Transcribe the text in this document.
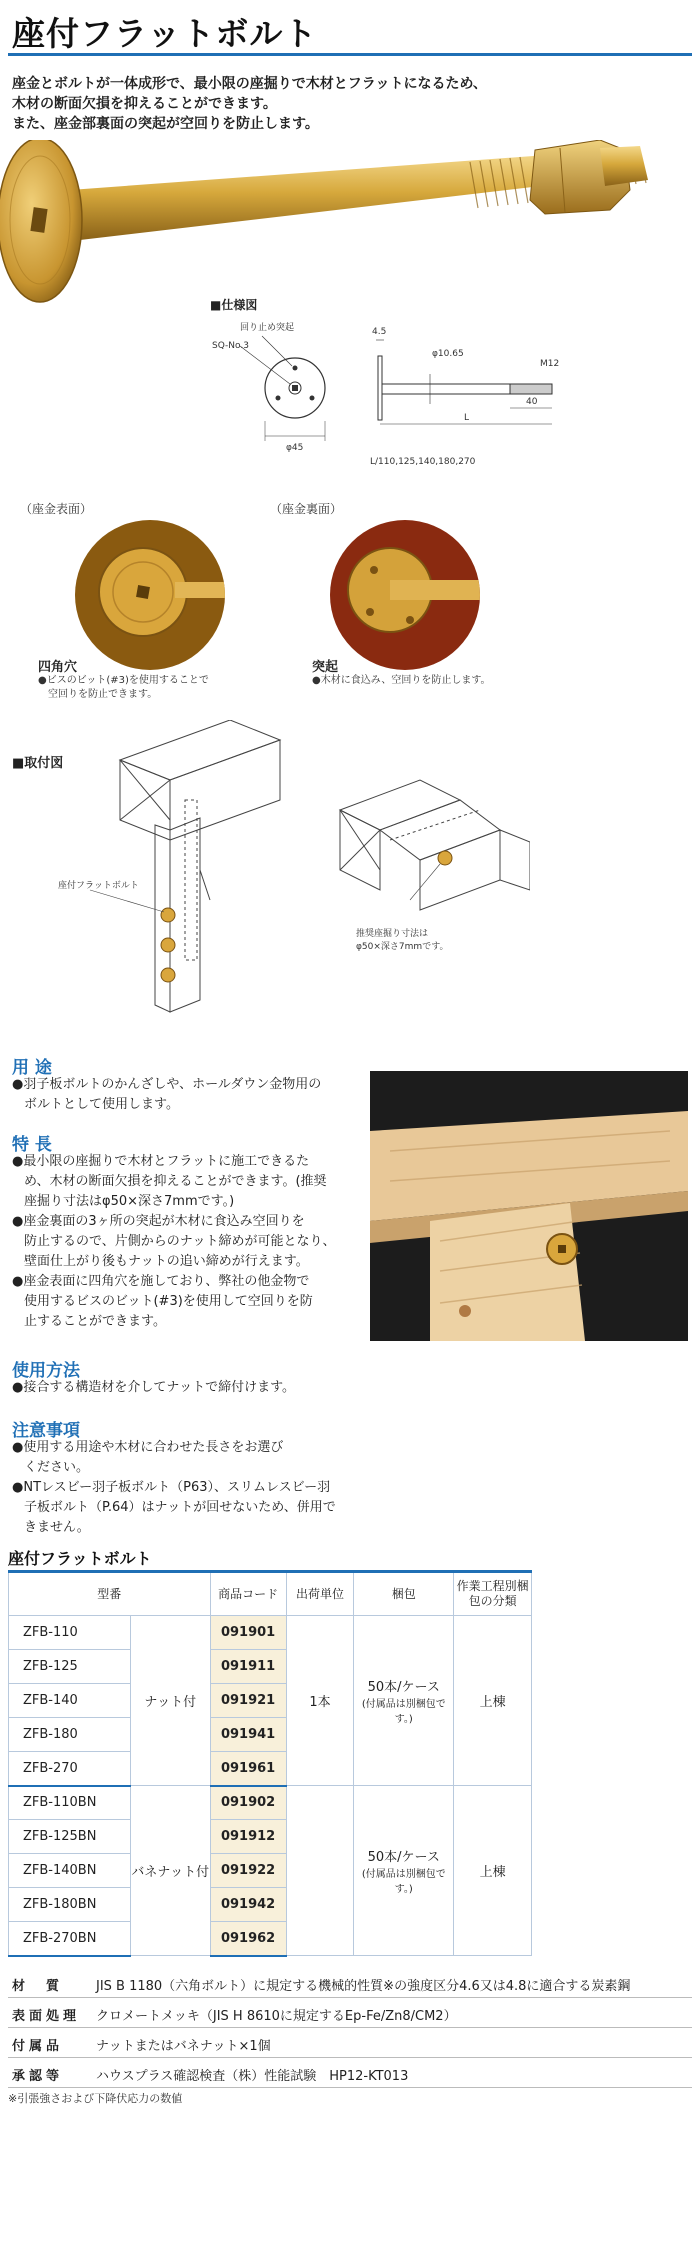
座付フラットボルト
座金とボルトが一体成形で、最小限の座掘りで木材とフラットになるため、
木材の断面欠損を抑えることができます。
また、座金部裏面の突起が空回りを防止します。
■仕様図
回り止め突起
SQ-No.3
4.5
φ10.65
M12
40
L
φ45
L/110,125,140,180,270
（座金表面）
四角穴
●ビスのビット(#3)を使用することで
空回りを防止できます。
（座金裏面）
突起
●木材に食込み、空回りを防止します。
■取付図
座付フラットボルト
推奨座掘り寸法は
φ50×深さ7mmです。
用 途
●羽子板ボルトのかんざしや、ホールダウン金物用の
ボルトとして使用します。
特 長
●最小限の座掘りで木材とフラットに施工できるた
め、木材の断面欠損を抑えることができます。(推奨
座掘り寸法はφ50×深さ7mmです。)
●座金裏面の3ヶ所の突起が木材に食込み空回りを
防止するので、片側からのナット締めが可能となり、
壁面仕上がり後もナットの追い締めが行えます。
●座金表面に四角穴を施しており、弊社の他金物で
使用するビスのビット(#3)を使用して空回りを防
止することができます。
使用方法
●接合する構造材を介してナットで締付けます。
注意事項
●使用する用途や木材に合わせた長さをお選び
ください。
●NTレスビー羽子板ボルト（P63）、スリムレスビー羽
子板ボルト（P.64）はナットが回せないため、併用で
きません。
座付フラットボルト
型番		商品コード	出荷単位	梱包	作業工程別梱包の分類
ZFB-110	ナット付	091901	1本	50本/ケース
(付属品は別梱包です。)	上棟
ZFB-125		091911			
ZFB-140		091921			
ZFB-180		091941			
ZFB-270		091961			
ZFB-110BN	バネナット付	091902		50本/ケース
(付属品は別梱包です。)	上棟
ZFB-125BN		091912			
ZFB-140BN		091922			
ZFB-180BN		091942			
ZFB-270BN		091962			
材　質	JIS B 1180（六角ボルト）に規定する機械的性質※の強度区分4.6又は4.8に適合する炭素鋼
表面処理	クロメートメッキ（JIS H 8610に規定するEp-Fe/Zn8/CM2）
付属品	ナットまたはバネナット×1個
承認等	ハウスプラス確認検査（株）性能試験　HP12-KT013
※引張強さおよび下降伏応力の数値
